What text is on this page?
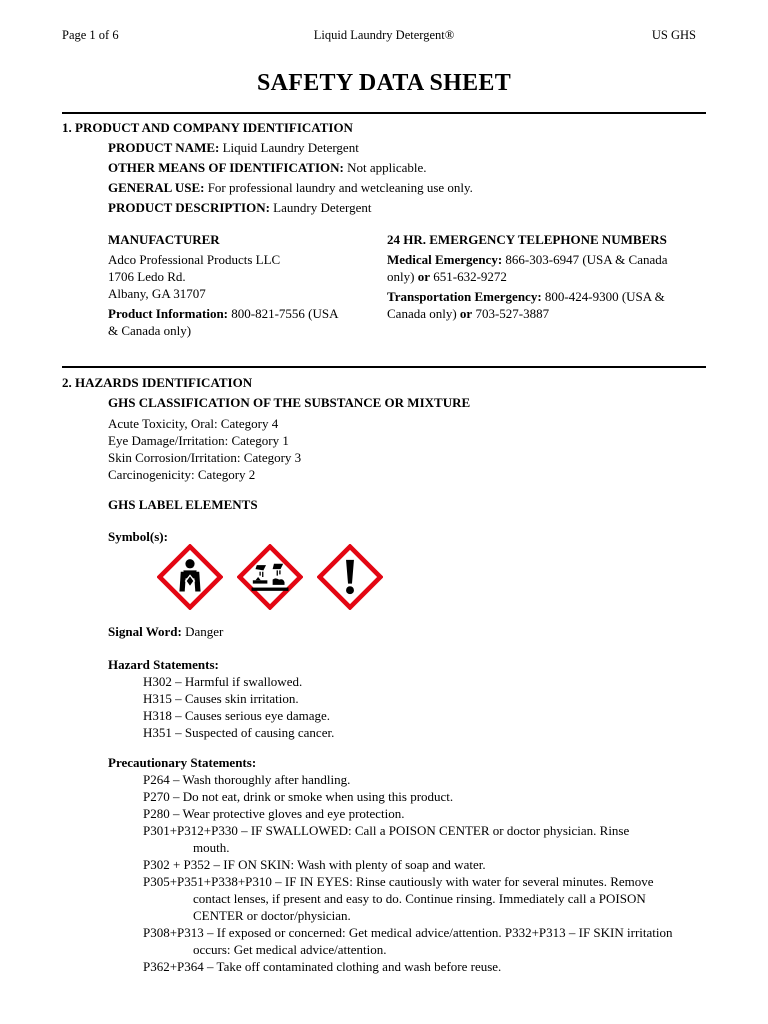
Page 1 of 6	Liquid Laundry Detergent®	US GHS
SAFETY DATA SHEET
1. PRODUCT AND COMPANY IDENTIFICATION
PRODUCT NAME: Liquid Laundry Detergent
OTHER MEANS OF IDENTIFICATION: Not applicable.
GENERAL USE: For professional laundry and wetcleaning use only.
PRODUCT DESCRIPTION: Laundry Detergent

MANUFACTURER

Adco Professional Products LLC

1706 Ledo Rd.

Albany, GA 31707

Product Information: 800-821-7556 (USA

& Canada only)

24 HR. EMERGENCY TELEPHONE NUMBERS

Medical Emergency: 866-303-6947 (USA & Canada

only) or 651-632-9272

Transportation Emergency: 800-424-9300 (USA &

Canada only) or 703-527-3887

2. HAZARDS IDENTIFICATION
GHS CLASSIFICATION OF THE SUBSTANCE OR MIXTURE

Acute Toxicity, Oral: Category 4

Eye Damage/Irritation: Category 1

Skin Corrosion/Irritation: Category 3

Carcinogenicity: Category 2

GHS LABEL ELEMENTS
Symbol(s):
Signal Word: Danger
Hazard Statements:

H302 – Harmful if swallowed.

H315 – Causes skin irritation.

H318 – Causes serious eye damage.

H351 – Suspected of causing cancer.

Precautionary Statements:

P264 – Wash thoroughly after handling.

P270 – Do not eat, drink or smoke when using this product.

P280 – Wear protective gloves and eye protection.

P301+P312+P330 – IF SWALLOWED: Call a POISON CENTER or doctor physician. Rinse

mouth.

P302 + P352 – IF ON SKIN: Wash with plenty of soap and water.

P305+P351+P338+P310 – IF IN EYES: Rinse cautiously with water for several minutes. Remove

contact lenses, if present and easy to do. Continue rinsing. Immediately call a POISON

CENTER or doctor/physician.

P308+P313 – If exposed or concerned: Get medical advice/attention. P332+P313 – IF SKIN irritation

occurs: Get medical advice/attention.

P362+P364 – Take off contaminated clothing and wash before reuse.
